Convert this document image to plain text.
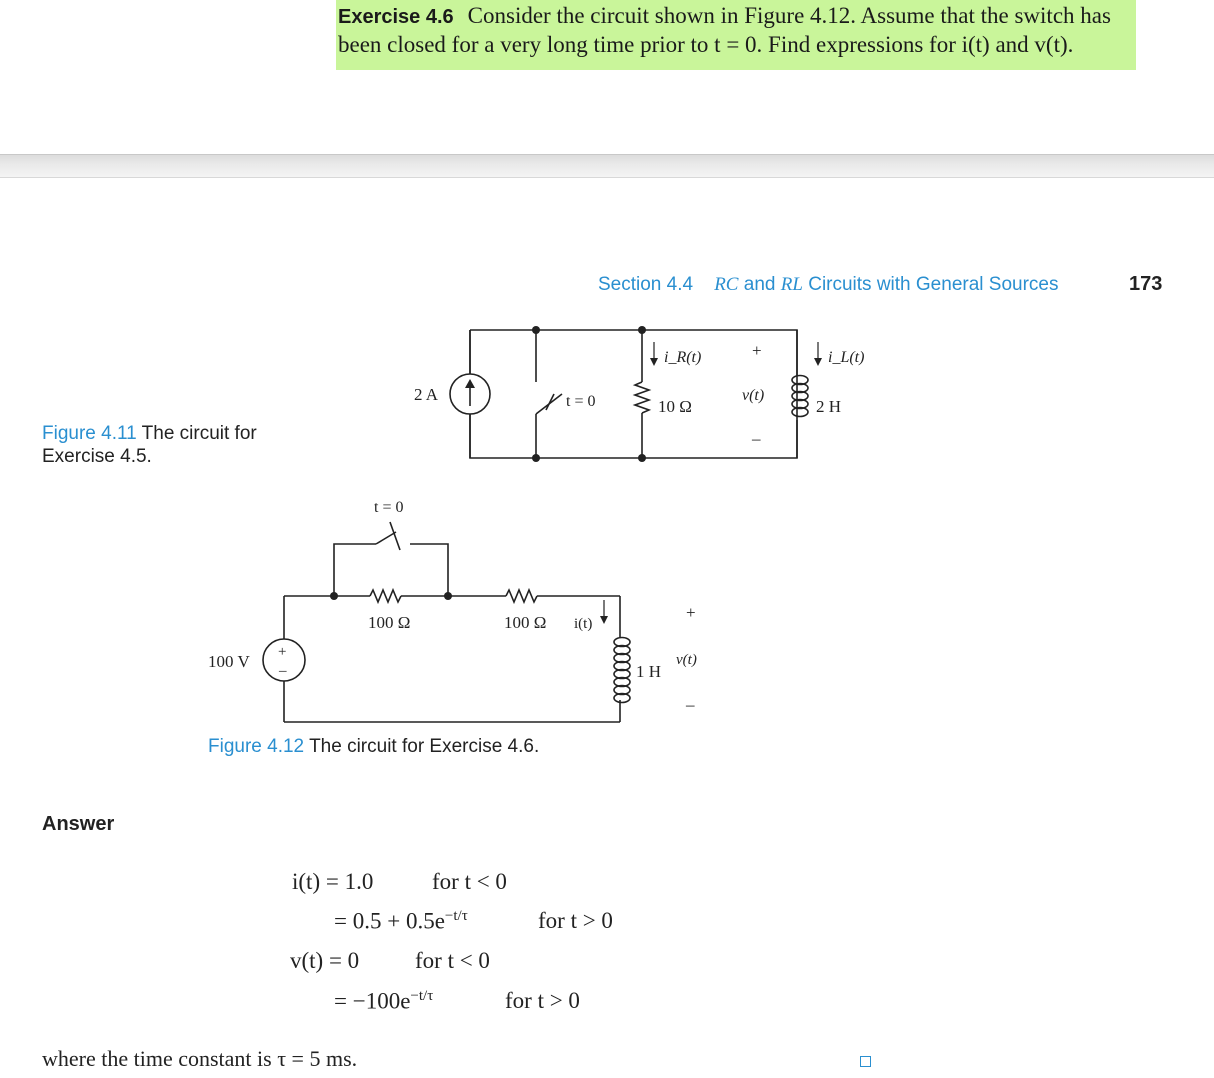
Exercise 4.6 Consider the circuit shown in Figure 4.12. Assume that the switch has
been closed for a very long time prior to t = 0. Find expressions for i(t) and v(t).
Section 4.4 RC and RL Circuits with General Sources	173
Figure 4.11 The circuit for
Exercise 4.5.
2 A	t = 0	10 Ω
i_R(t)	i_L(t)
+
v(t)
–
2 H
+
–
t = 0
100 Ω	100 Ω i(t)
100 V
1 H
+
v(t)
–
Figure 4.12 The circuit for Exercise 4.6.
Answer
i(t) = 1.0	for t < 0
= $0.5 + 0.5e^{-t/\tau}$	for t > 0
v(t) = 0 for t < 0
= $-100e^{-t/\tau}$	for t > 0
where the time constant is τ = 5 ms.
